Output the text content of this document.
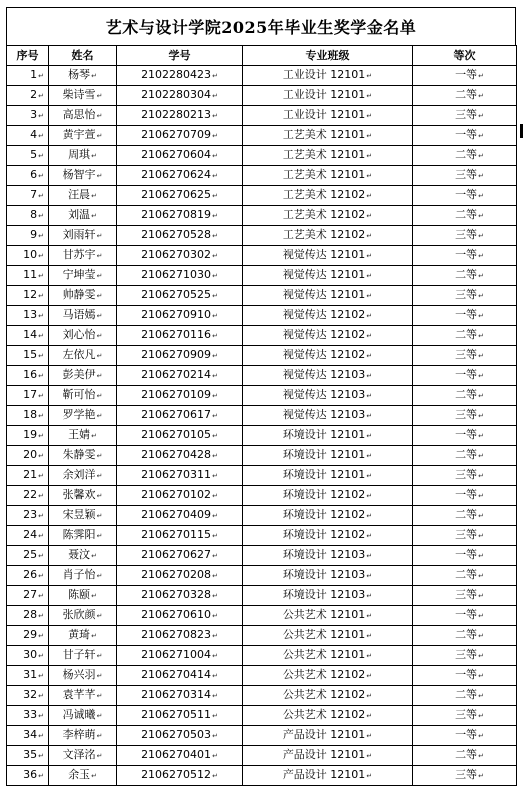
艺术与设计学院2025年毕业生奖学金名单
序号	姓名	学号	专业班级	等次
1↵	杨琴↵	2102280423↵	工业设计 12101↵	一等↵
2↵	柴诗雪↵	2102280304↵	工业设计 12101↵	二等↵
3↵	高思怡↵	2102280213↵	工业设计 12101↵	三等↵
4↵	黄宇萱↵	2106270709↵	工艺美术 12101↵	一等↵
5↵	周琪↵	2106270604↵	工艺美术 12101↵	二等↵
6↵	杨智宇↵	2106270624↵	工艺美术 12101↵	三等↵
7↵	汪晨↵	2106270625↵	工艺美术 12102↵	一等↵
8↵	刘温↵	2106270819↵	工艺美术 12102↵	二等↵
9↵	刘雨轩↵	2106270528↵	工艺美术 12102↵	三等↵
10↵	甘苏宇↵	2106270302↵	视觉传达 12101↵	一等↵
11↵	宁坤莹↵	2106271030↵	视觉传达 12101↵	二等↵
12↵	帅静雯↵	2106270525↵	视觉传达 12101↵	三等↵
13↵	马语嫣↵	2106270910↵	视觉传达 12102↵	一等↵
14↵	刘心怡↵	2106270116↵	视觉传达 12102↵	二等↵
15↵	左依凡↵	2106270909↵	视觉传达 12102↵	三等↵
16↵	彭美伊↵	2106270214↵	视觉传达 12103↵	一等↵
17↵	靳可怡↵	2106270109↵	视觉传达 12103↵	二等↵
18↵	罗学艳↵	2106270617↵	视觉传达 12103↵	三等↵
19↵	王婧↵	2106270105↵	环境设计 12101↵	一等↵
20↵	朱静雯↵	2106270428↵	环境设计 12101↵	二等↵
21↵	余刘洋↵	2106270311↵	环境设计 12101↵	三等↵
22↵	张馨欢↵	2106270102↵	环境设计 12102↵	一等↵
23↵	宋昱颖↵	2106270409↵	环境设计 12102↵	二等↵
24↵	陈霁阳↵	2106270115↵	环境设计 12102↵	三等↵
25↵	聂汶↵	2106270627↵	环境设计 12103↵	一等↵
26↵	肖子怡↵	2106270208↵	环境设计 12103↵	二等↵
27↵	陈颐↵	2106270328↵	环境设计 12103↵	三等↵
28↵	张欣颜↵	2106270610↵	公共艺术 12101↵	一等↵
29↵	黄琦↵	2106270823↵	公共艺术 12101↵	二等↵
30↵	甘子轩↵	2106271004↵	公共艺术 12101↵	三等↵
31↵	杨兴羽↵	2106270414↵	公共艺术 12102↵	一等↵
32↵	袁芊芊↵	2106270314↵	公共艺术 12102↵	二等↵
33↵	冯诚曦↵	2106270511↵	公共艺术 12102↵	三等↵
34↵	李梓萌↵	2106270503↵	产品设计 12101↵	一等↵
35↵	文泽洺↵	2106270401↵	产品设计 12101↵	二等↵
36↵	余玉↵	2106270512↵	产品设计 12101↵	三等↵
